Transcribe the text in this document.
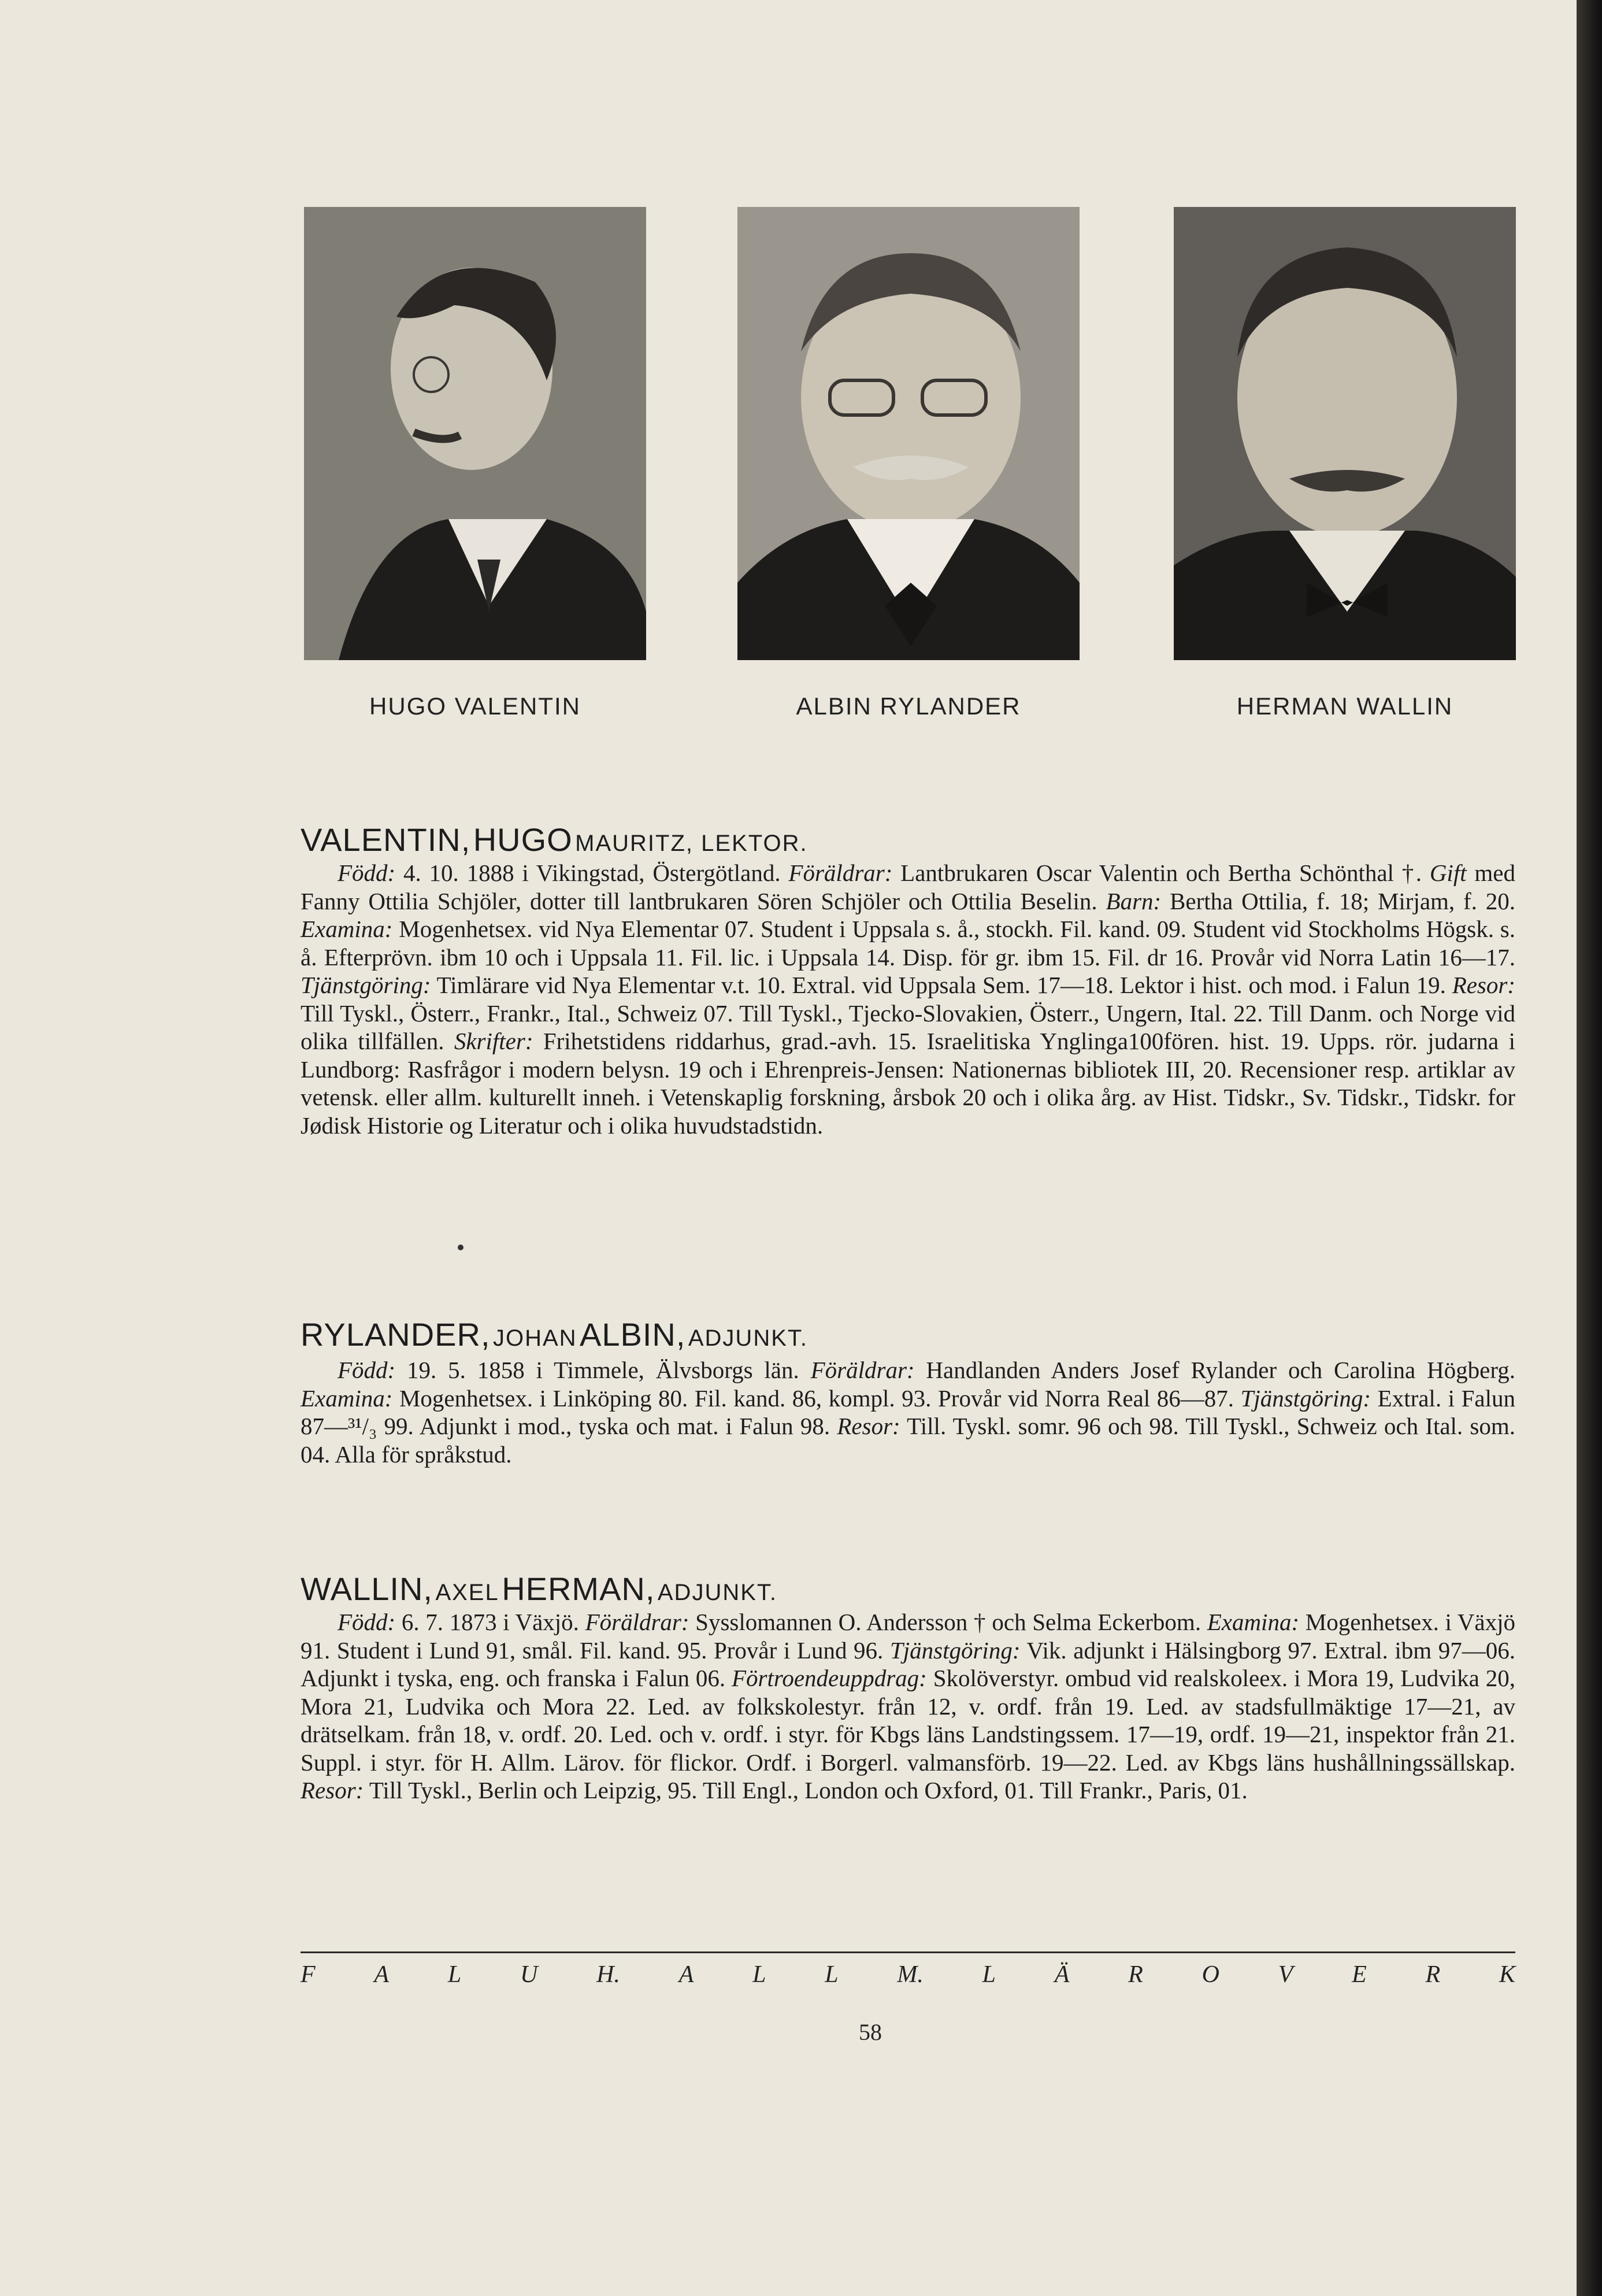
HUGO VALENTIN	ALBIN RYLANDER	HERMAN WALLIN
VALENTIN, HUGO MAURITZ, LEKTOR.
Född: 4. 10. 1888 i Vikingstad, Östergötland. Föräldrar: Lantbrukaren Oscar Valentin och Bertha Schönthal †. Gift med Fanny Ottilia Schjöler, dotter till lantbrukaren Sören Schjöler och Ottilia Beselin. Barn: Bertha Ottilia, f. 18; Mirjam, f. 20. Examina: Mogenhetsex. vid Nya Elementar 07. Student i Uppsala s. å., stockh. Fil. kand. 09. Student vid Stockholms Högsk. s. å. Efterprövn. ibm 10 och i Uppsala 11. Fil. lic. i Uppsala 14. Disp. för gr. ibm 15. Fil. dr 16. Provår vid Norra Latin 16—17. Tjänstgöring: Timlärare vid Nya Elementar v.t. 10. Extral. vid Uppsala Sem. 17—18. Lektor i hist. och mod. i Falun 19. Resor: Till Tyskl., Österr., Frankr., Ital., Schweiz 07. Till Tyskl., Tjecko-Slovakien, Österr., Ungern, Ital. 22. Till Danm. och Norge vid olika tillfällen. Skrifter: Frihetstidens riddarhus, grad.-avh. 15. Israelitiska Ynglinga100fören. hist. 19. Upps. rör. judarna i Lundborg: Rasfrågor i modern belysn. 19 och i Ehrenpreis-Jensen: Nationernas bibliotek III, 20. Recensioner resp. artiklar av vetensk. eller allm. kulturellt inneh. i Vetenskaplig forskning, årsbok 20 och i olika årg. av Hist. Tidskr., Sv. Tidskr., Tidskr. for Jødisk Historie og Literatur och i olika huvudstadstidn.
RYLANDER, JOHAN ALBIN, ADJUNKT.
Född: 19. 5. 1858 i Timmele, Älvsborgs län. Föräldrar: Handlanden Anders Josef Rylander och Carolina Högberg. Examina: Mogenhetsex. i Linköping 80. Fil. kand. 86, kompl. 93. Provår vid Norra Real 86—87. Tjänstgöring: Extral. i Falun 87—³¹/₃ 99. Adjunkt i mod., tyska och mat. i Falun 98. Resor: Till. Tyskl. somr. 96 och 98. Till Tyskl., Schweiz och Ital. som. 04. Alla för språkstud.
WALLIN, AXEL HERMAN, ADJUNKT.
Född: 6. 7. 1873 i Växjö. Föräldrar: Sysslomannen O. Andersson † och Selma Eckerbom. Examina: Mogenhetsex. i Växjö 91. Student i Lund 91, smål. Fil. kand. 95. Provår i Lund 96. Tjänstgöring: Vik. adjunkt i Hälsingborg 97. Extral. ibm 97—06. Adjunkt i tyska, eng. och franska i Falun 06. Förtroendeuppdrag: Skolöverstyr. ombud vid realskoleex. i Mora 19, Ludvika 20, Mora 21, Ludvika och Mora 22. Led. av folkskolestyr. från 12, v. ordf. från 19. Led. av stadsfullmäktige 17—21, av drätselkam. från 18, v. ordf. 20. Led. och v. ordf. i styr. för Kbgs läns Landstingssem. 17—19, ordf. 19—21, inspektor från 21. Suppl. i styr. för H. Allm. Lärov. för flickor. Ordf. i Borgerl. valmansförb. 19—22. Led. av Kbgs läns hushållningssällskap. Resor: Till Tyskl., Berlin och Leipzig, 95. Till Engl., London och Oxford, 01. Till Frankr., Paris, 01.
F A L U H. A L L M. L Ä R O V E R K
58
